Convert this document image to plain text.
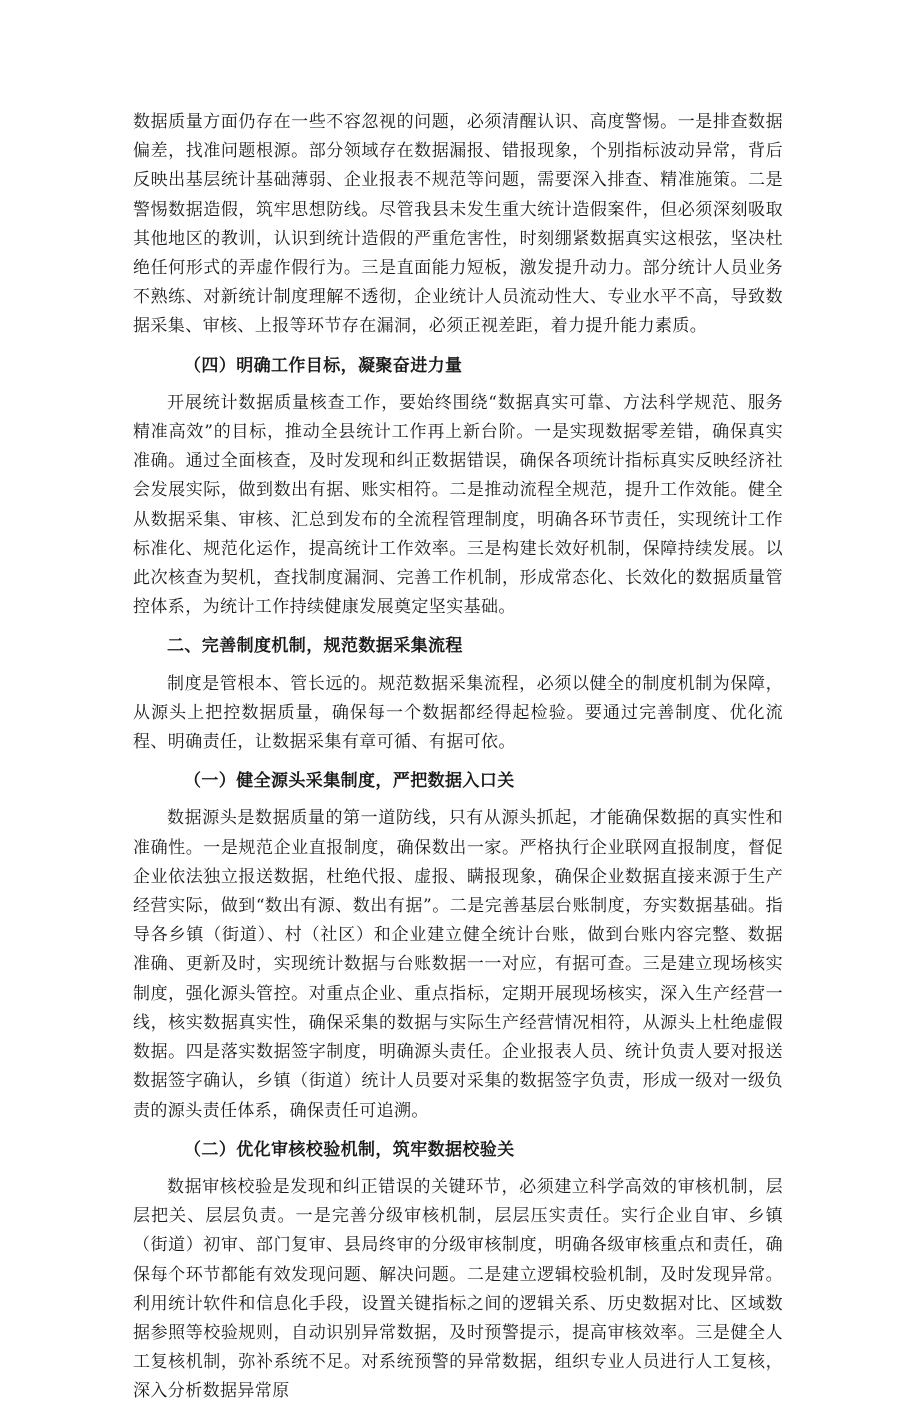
数据质量方面仍存在一些不容忽视的问题，必须清醒认识、高度警惕。一是排查数据偏差，找准问题根源。部分领域存在数据漏报、错报现象，个别指标波动异常，背后反映出基层统计基础薄弱、企业报表不规范等问题，需要深入排查、精准施策。二是警惕数据造假，筑牢思想防线。尽管我县未发生重大统计造假案件，但必须深刻吸取其他地区的教训，认识到统计造假的严重危害性，时刻绷紧数据真实这根弦，坚决杜绝任何形式的弄虚作假行为。三是直面能力短板，激发提升动力。部分统计人员业务不熟练、对新统计制度理解不透彻，企业统计人员流动性大、专业水平不高，导致数据采集、审核、上报等环节存在漏洞，必须正视差距，着力提升能力素质。

（四）明确工作目标，凝聚奋进力量

开展统计数据质量核查工作，要始终围绕“数据真实可靠、方法科学规范、服务精准高效”的目标，推动全县统计工作再上新台阶。一是实现数据零差错，确保真实准确。通过全面核查，及时发现和纠正数据错误，确保各项统计指标真实反映经济社会发展实际，做到数出有据、账实相符。二是推动流程全规范，提升工作效能。健全从数据采集、审核、汇总到发布的全流程管理制度，明确各环节责任，实现统计工作标准化、规范化运作，提高统计工作效率。三是构建长效好机制，保障持续发展。以此次核查为契机，查找制度漏洞、完善工作机制，形成常态化、长效化的数据质量管控体系，为统计工作持续健康发展奠定坚实基础。

二、完善制度机制，规范数据采集流程

制度是管根本、管长远的。规范数据采集流程，必须以健全的制度机制为保障，从源头上把控数据质量，确保每一个数据都经得起检验。要通过完善制度、优化流程、明确责任，让数据采集有章可循、有据可依。

（一）健全源头采集制度，严把数据入口关

数据源头是数据质量的第一道防线，只有从源头抓起，才能确保数据的真实性和准确性。一是规范企业直报制度，确保数出一家。严格执行企业联网直报制度，督促企业依法独立报送数据，杜绝代报、虚报、瞒报现象，确保企业数据直接来源于生产经营实际，做到“数出有源、数出有据”。二是完善基层台账制度，夯实数据基础。指导各乡镇（街道）、村（社区）和企业建立健全统计台账，做到台账内容完整、数据准确、更新及时，实现统计数据与台账数据一一对应，有据可查。三是建立现场核实制度，强化源头管控。对重点企业、重点指标，定期开展现场核实，深入生产经营一线，核实数据真实性，确保采集的数据与实际生产经营情况相符，从源头上杜绝虚假数据。四是落实数据签字制度，明确源头责任。企业报表人员、统计负责人要对报送数据签字确认，乡镇（街道）统计人员要对采集的数据签字负责，形成一级对一级负责的源头责任体系，确保责任可追溯。

（二）优化审核校验机制，筑牢数据校验关

数据审核校验是发现和纠正错误的关键环节，必须建立科学高效的审核机制，层层把关、层层负责。一是完善分级审核机制，层层压实责任。实行企业自审、乡镇（街道）初审、部门复审、县局终审的分级审核制度，明确各级审核重点和责任，确保每个环节都能有效发现问题、解决问题。二是建立逻辑校验机制，及时发现异常。利用统计软件和信息化手段，设置关键指标之间的逻辑关系、历史数据对比、区域数据参照等校验规则，自动识别异常数据，及时预警提示，提高审核效率。三是健全人工复核机制，弥补系统不足。对系统预警的异常数据，组织专业人员进行人工复核，深入分析数据异常原
